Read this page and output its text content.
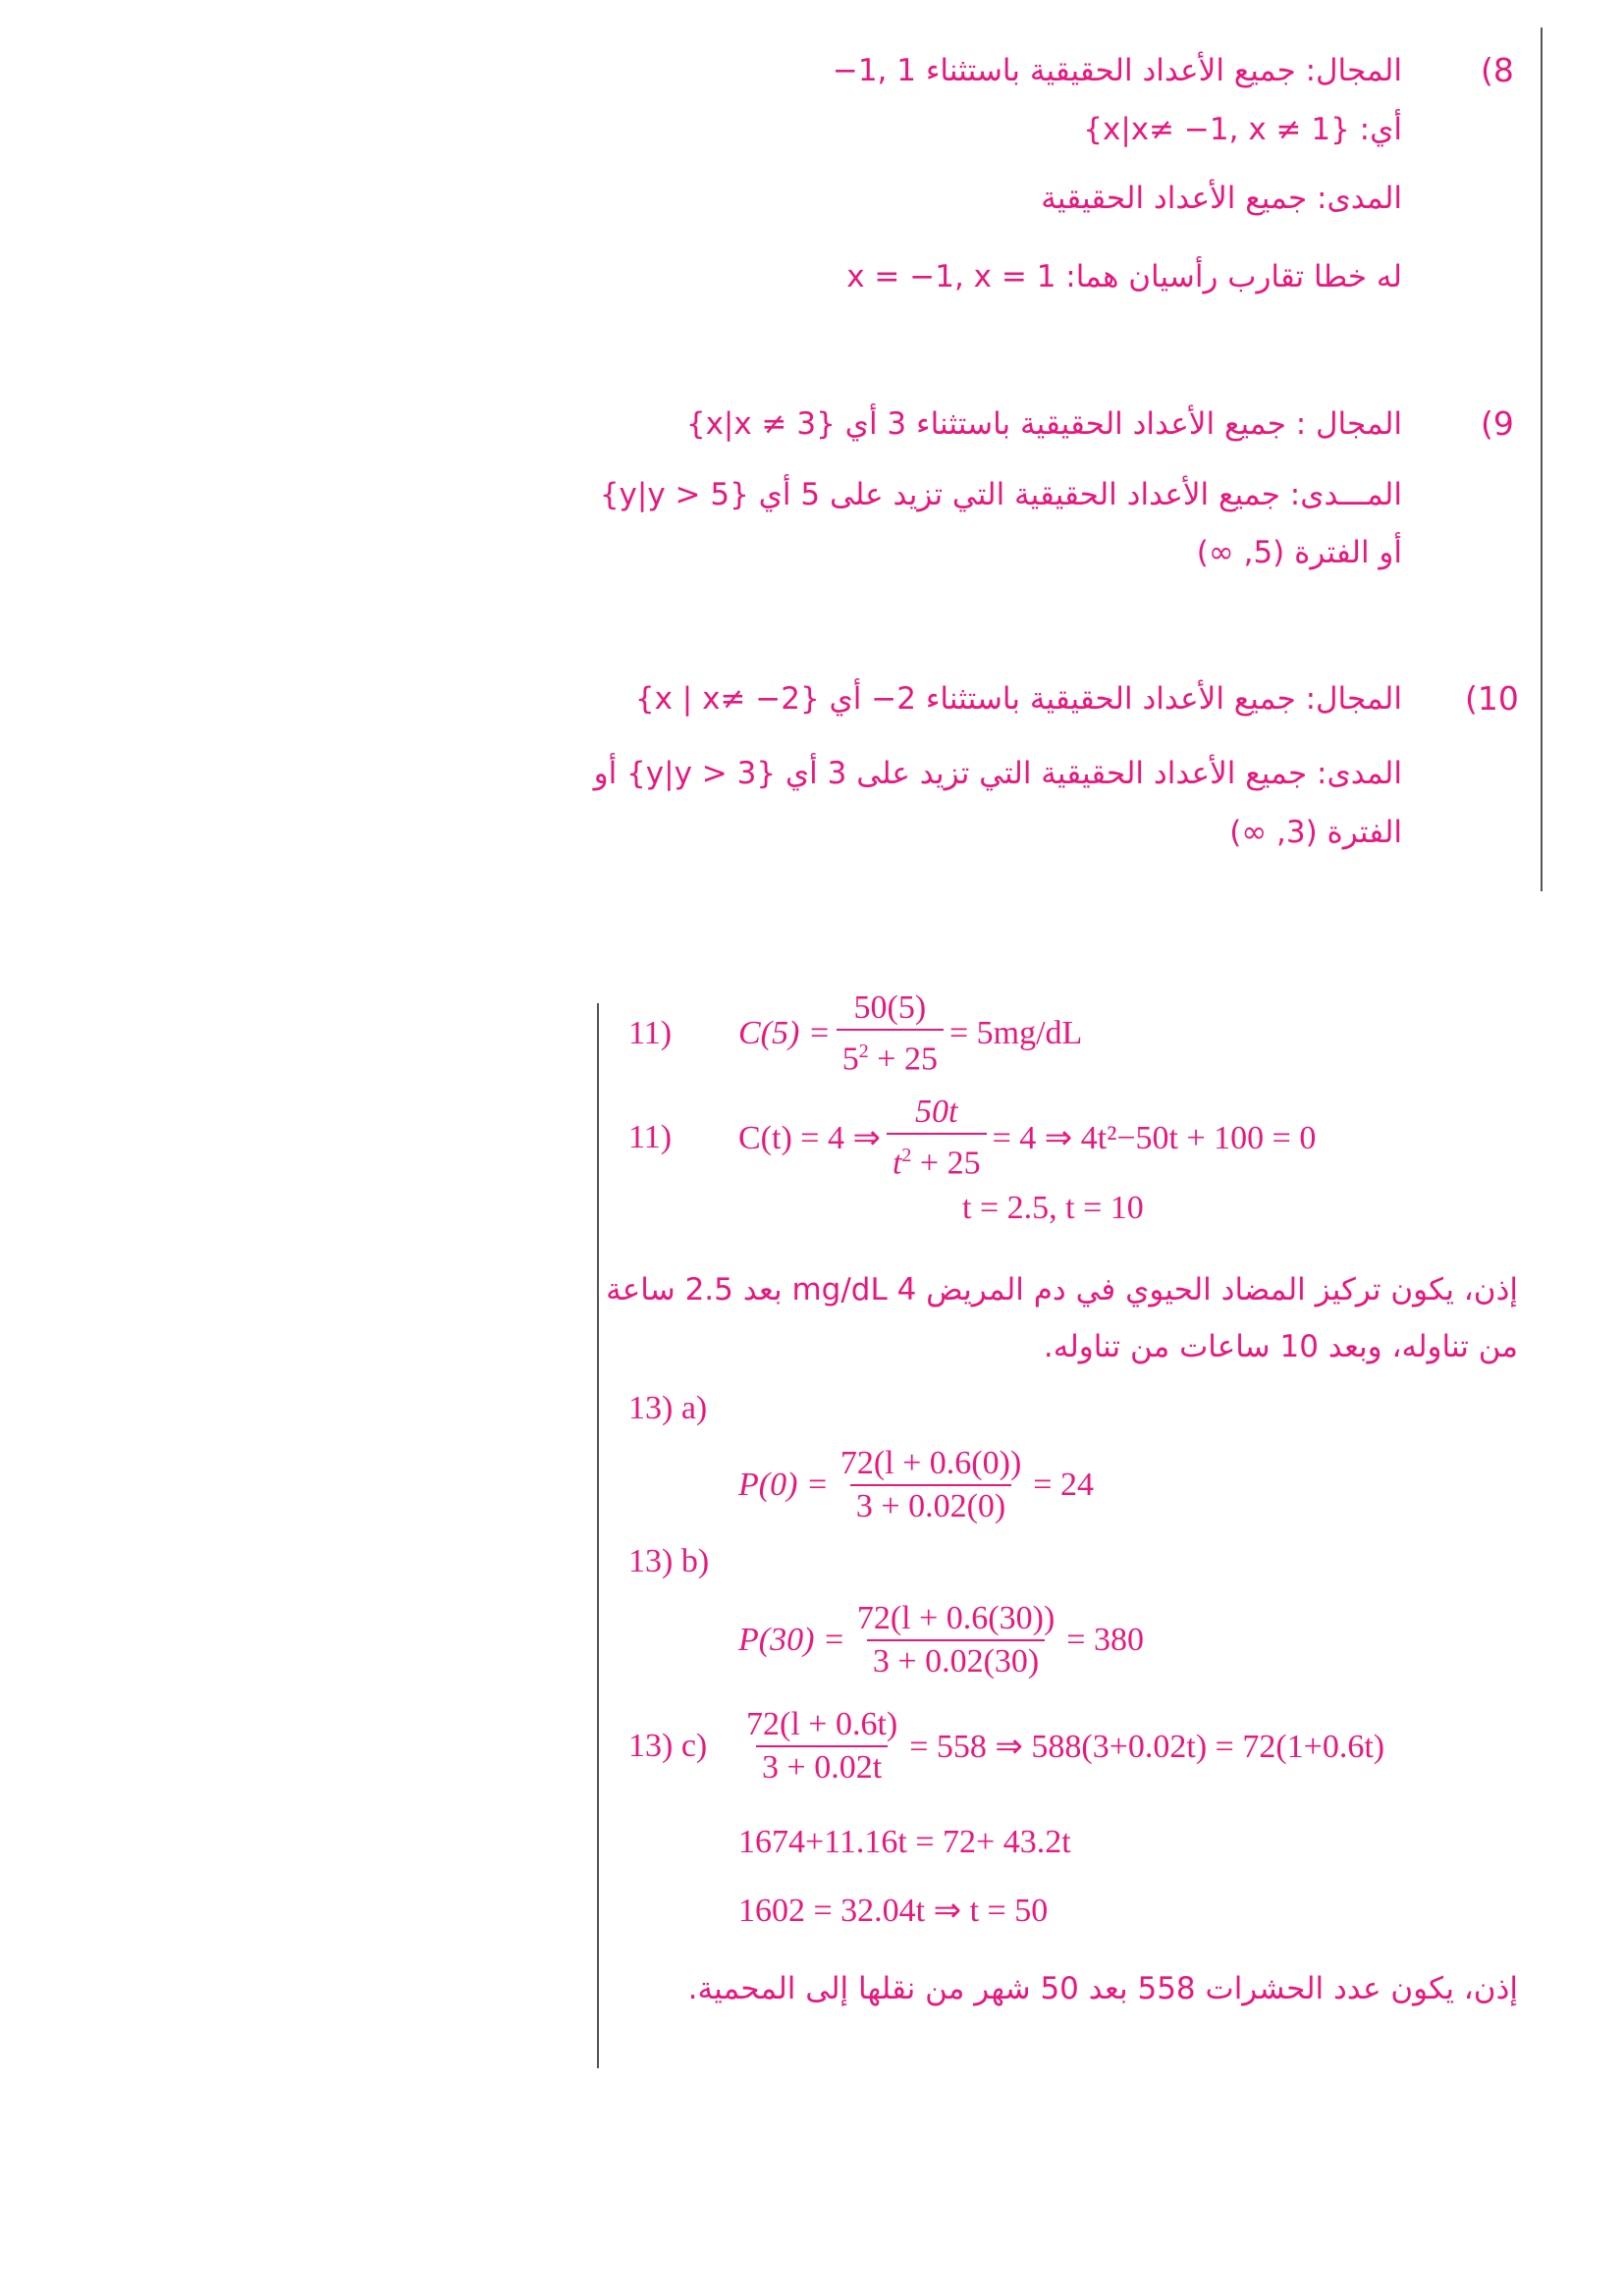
(8
المجال: جميع الأعداد الحقيقية باستثناء 1 ,1−
أي: {x|x≠ −1, x ≠ 1}
المدى: جميع الأعداد الحقيقية
له خطا تقارب رأسيان هما: x = −1, x = 1
(9
المجال : جميع الأعداد الحقيقية باستثناء 3 أي {x|x ≠ 3}
المـــدى: جميع الأعداد الحقيقية التي تزيد على 5 أي {y|y > 5}
أو الفترة (5, ∞)
(10
المجال: جميع الأعداد الحقيقية باستثناء 2− أي {x | x≠ −2}
المدى: جميع الأعداد الحقيقية التي تزيد على 3 أي {y|y > 3} أو
الفترة (3, ∞)
11)	$C(5) = \frac{50(5)}{5^2 + 25} = 5mg/dL$
11)	C(t) = 4 ⇒ $\frac{50t}{t^2 + 25} = 4$ ⇒ 4t²−50t + 100 = 0
t = 2.5, t = 10
إذن، يكون تركيز المضاد الحيوي في دم المريض 4 mg/dL بعد 2.5 ساعة
من تناوله، وبعد 10 ساعات من تناوله.
13) a)
$P(0) = \frac{72(l + 0.6(0))}{3 + 0.02(0)} = 24$
13) b)
$P(30) = \frac{72(l + 0.6(30))}{3 + 0.02(30)} = 380$
13) $c) \frac{72(l + 0.6t)}{3 + 0.02t} = 558$ ⇒ 588(3+0.02t) = 72(1+0.6t)
1674+11.16t = 72+ 43.2t
1602 = 32.04t ⇒ t = 50
إذن، يكون عدد الحشرات 558 بعد 50 شهر من نقلها إلى المحمية.
